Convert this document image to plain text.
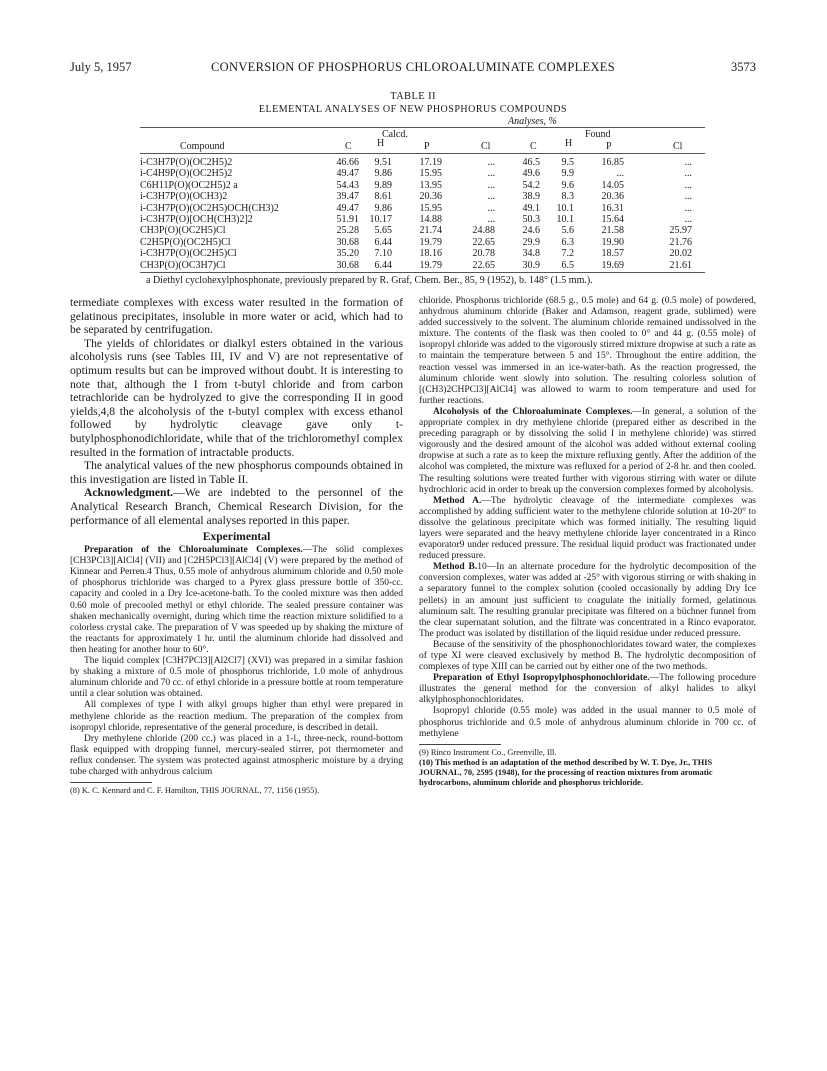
July 5, 1957	CONVERSION OF PHOSPHORUS CHLOROALUMINATE COMPLEXES	3573
TABLE II
ELEMENTAL ANALYSES OF NEW PHOSPHORUS COMPOUNDS
Analyses, %
Calcd.	Found
Compound	C	H	P	Cl	C	H	P	Cl
i-C3H7P(O)(OC2H5)2	46.66	9.51	17.19	...	46.5	9.5	16.85	...
i-C4H9P(O)(OC2H5)2	49.47	9.86	15.95	...	49.6	9.9	...	...
C6H11P(O)(OC2H5)2 a	54.43	9.89	13.95	...	54.2	9.6	14.05	...
i-C3H7P(O)(OCH3)2	39.47	8.61	20.36	...	38.9	8.3	20.36	...
i-C3H7P(O)(OC2H5)OCH(CH3)2	49.47	9.86	15.95	...	49.1	10.1	16.31	...
i-C3H7P(O)[OCH(CH3)2]2	51.91	10.17	14.88	...	50.3	10.1	15.64	...
CH3P(O)(OC2H5)Cl	25.28	5.65	21.74	24.88	24.6	5.6	21.58	25.97
C2H5P(O)(OC2H5)Cl	30.68	6.44	19.79	22.65	29.9	6.3	19.90	21.76
i-C3H7P(O)(OC2H5)Cl	35.20	7.10	18.16	20.78	34.8	7.2	18.57	20.02
CH3P(O)(OC3H7)Cl	30.68	6.44	19.79	22.65	30.9	6.5	19.69	21.61
a Diethyl cyclohexylphosphonate, previously prepared by R. Graf, Chem. Ber., 85, 9 (1952), b. 148° (1.5 mm.).

termediate complexes with excess water resulted in the formation of gelatinous precipitates, insoluble in more water or acid, which had to be separated by centrifugation.

The yields of chloridates or dialkyl esters obtained in the various alcoholysis runs (see Tables III, IV and V) are not representative of optimum results but can be improved without doubt. It is interesting to note that, although the I from t-butyl chloride and from carbon tetrachloride can be hydrolyzed to give the corresponding II in good yields,4,8 the alcoholysis of the t-butyl complex with excess ethanol followed by hydrolytic cleavage gave only t-butylphosphonodichloridate, while that of the trichloromethyl complex resulted in the formation of intractable products.

The analytical values of the new phosphorus compounds obtained in this investigation are listed in Table II.

Acknowledgment.—We are indebted to the personnel of the Analytical Research Branch, Chemical Research Division, for the performance of all elemental analyses reported in this paper.

Experimental

Preparation of the Chloroaluminate Complexes.—The solid complexes [CH3PCl3][AlCl4] (VII) and [C2H5PCl3][AlCl4] (V) were prepared by the method of Kinnear and Perren.4 Thus, 0.55 mole of anhydrous aluminum chloride and 0.50 mole of phosphorus trichloride was charged to a Pyrex glass pressure bottle of 350-cc. capacity and cooled in a Dry Ice-acetone-bath. To the cooled mixture was then added 0.60 mole of precooled methyl or ethyl chloride. The sealed pressure container was shaken mechanically overnight, during which time the reaction mixture solidified to a colorless crystal cake. The preparation of V was speeded up by shaking the mixture of the reactants for approximately 1 hr. until the aluminum chloride had dissolved and then heating for another hour to 60°.

The liquid complex [C3H7PCl3][Al2Cl7] (XVI) was prepared in a similar fashion by shaking a mixture of 0.5 mole of phosphorus trichloride, 1.0 mole of anhydrous aluminum chloride and 70 cc. of ethyl chloride in a pressure bottle at room temperature until a clear solution was obtained.

All complexes of type I with alkyl groups higher than ethyl were prepared in methylene chloride as the reaction medium. The preparation of the complex from isopropyl chloride, representative of the general procedure, is described in detail.

Dry methylene chloride (200 cc.) was placed in a 1-l., three-neck, round-bottom flask equipped with dropping funnel, mercury-sealed stirrer, pot thermometer and reflux condenser. The system was protected against atmospheric moisture by a drying tube charged with anhydrous calcium

(8) K. C. Kennard and C. F. Hamilton, THIS JOURNAL, 77, 1156 (1955).

chloride. Phosphorus trichloride (68.5 g., 0.5 mole) and 64 g. (0.5 mole) of powdered, anhydrous aluminum chloride (Baker and Adamson, reagent grade, sublimed) were added successively to the solvent. The aluminum chloride remained undissolved in the mixture. The contents of the flask was then cooled to 0° and 44 g. (0.55 mole) of isopropyl chloride was added to the vigorously stirred mixture dropwise at such a rate as to maintain the temperature between 5 and 15°. Throughout the entire addition, the reaction vessel was immersed in an ice-water-bath. As the reaction progressed, the aluminum chloride went slowly into solution. The resulting colorless solution of [(CH3)2CHPCl3][AlCl4] was allowed to warm to room temperature and used for further reactions.

Alcoholysis of the Chloroaluminate Complexes.—In general, a solution of the appropriate complex in dry methylene chloride (prepared either as described in the preceding paragraph or by dissolving the solid I in methylene chloride) was stirred vigorously and the desired amount of the alcohol was added without external cooling dropwise at such a rate as to keep the mixture refluxing gently. After the addition of the alcohol was completed, the mixture was refluxed for a period of 2-8 hr. and then cooled. The resulting solutions were treated further with vigorous stirring with water or dilute hydrochloric acid in order to break up the conversion complexes formed by alcoholysis.

Method A.—The hydrolytic cleavage of the intermediate complexes was accomplished by adding sufficient water to the methylene chloride solution at 10-20° to dissolve the gelatinous precipitate which was formed initially. The resulting liquid layers were separated and the heavy methylene chloride layer concentrated in a Rinco evaporator9 under reduced pressure. The residual liquid product was fractionated under reduced pressure.

Method B.10—In an alternate procedure for the hydrolytic decomposition of the conversion complexes, water was added at -25° with vigorous stirring or with shaking in a separatory funnel to the complex solution (cooled occasionally by adding Dry Ice pellets) in an amount just sufficient to coagulate the initially formed, gelatinous aluminum salt. The resulting granular precipitate was filtered on a büchner funnel from the clear supernatant solution, and the filtrate was concentrated in a Rinco evaporator. The product was isolated by distillation of the liquid residue under reduced pressure.

Because of the sensitivity of the phosphonochloridates toward water, the complexes of type XI were cleaved exclusively by method B. The hydrolytic decomposition of complexes of type XIII can be carried out by either one of the two methods.

Preparation of Ethyl Isopropylphosphonochloridate.—The following procedure illustrates the general method for the conversion of alkyl halides to alkyl alkylphosphonochloridates.

Isopropyl chloride (0.55 mole) was added in the usual manner to 0.5 mole of phosphorus trichloride and 0.5 mole of anhydrous aluminum chloride in 700 cc. of methylene

(9) Rinco Instrument Co., Greenville, Ill.

(10) This method is an adaptation of the method described by W. T. Dye, Jr., THIS JOURNAL, 70, 2595 (1948), for the processing of reaction mixtures from aromatic hydrocarbons, aluminum chloride and phosphorus trichloride.
